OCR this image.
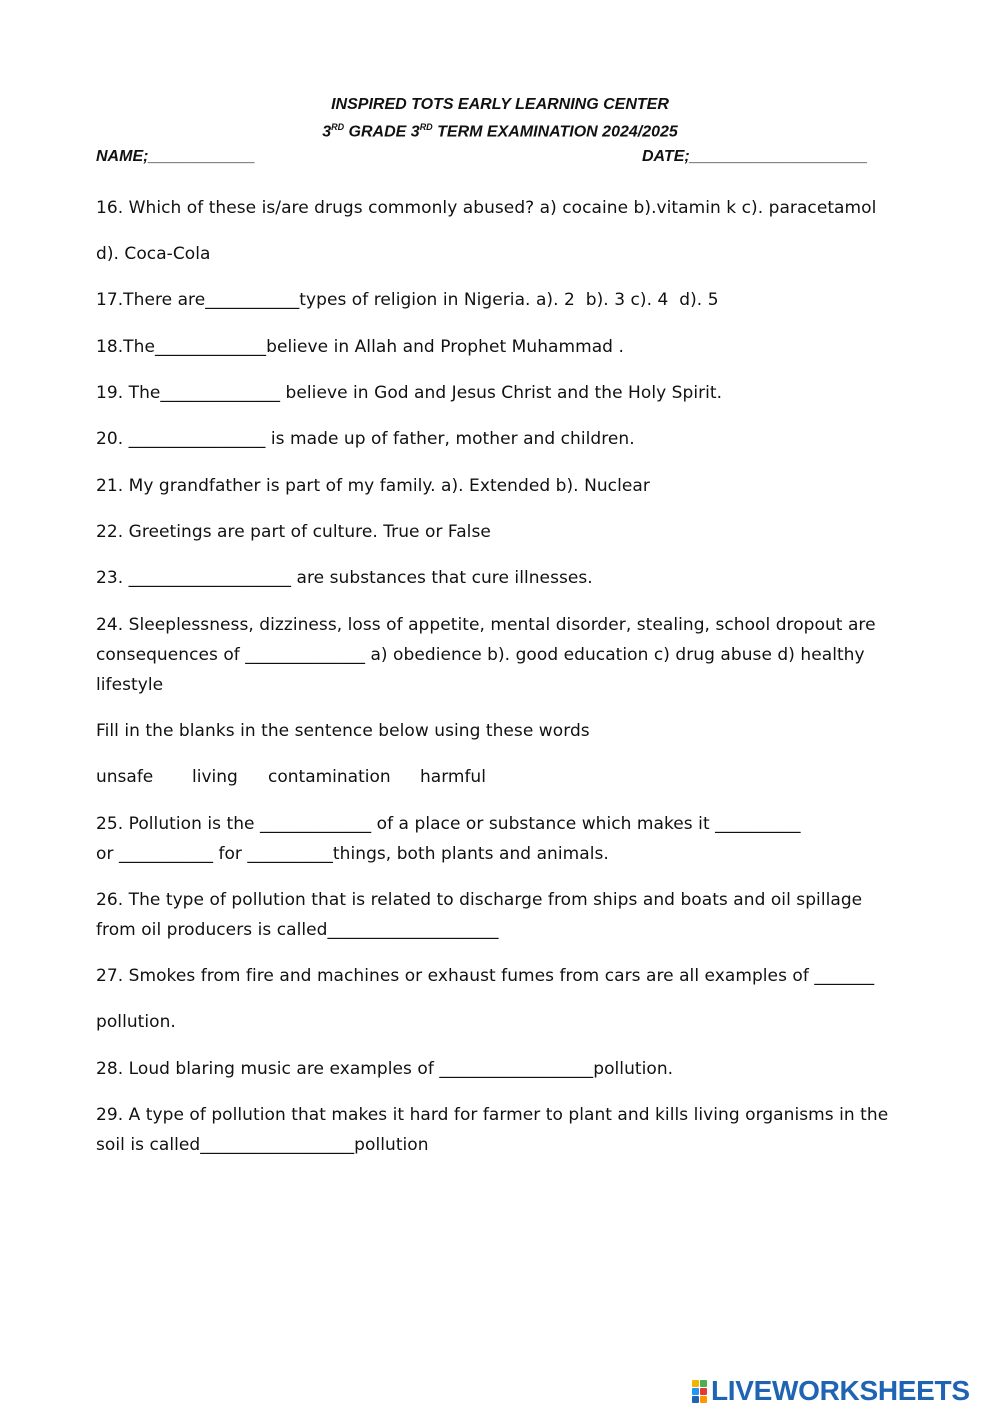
INSPIRED TOTS EARLY LEARNING CENTER
3RD GRADE 3RD TERM EXAMINATION 2024/2025
NAME;____________	DATE;____________________
16. Which of these is/are drugs commonly abused? a) cocaine b).vitamin k c). paracetamol
d). Coca-Cola
17.There are___________types of religion in Nigeria. a). 2  b). 3 c). 4  d). 5
18.The_____________believe in Allah and Prophet Muhammad .
19. The______________ believe in God and Jesus Christ and the Holy Spirit.
20. ________________ is made up of father, mother and children.
21. My grandfather is part of my family. a). Extended b). Nuclear
22. Greetings are part of culture. True or False
23. ___________________ are substances that cure illnesses.
24. Sleeplessness, dizziness, loss of appetite, mental disorder, stealing, school dropout are
consequences of ______________ a) obedience b). good education c) drug abuse d) healthy
lifestyle
Fill in the blanks in the sentence below using these words
unsafe living contamination harmful
25. Pollution is the _____________ of a place or substance which makes it __________
or ___________ for __________things, both plants and animals.
26. The type of pollution that is related to discharge from ships and boats and oil spillage
from oil producers is called____________________
27. Smokes from fire and machines or exhaust fumes from cars are all examples of _______
pollution.
28. Loud blaring music are examples of __________________pollution.
29. A type of pollution that makes it hard for farmer to plant and kills living organisms in the
soil is called__________________pollution
LIVEWORKSHEETS
